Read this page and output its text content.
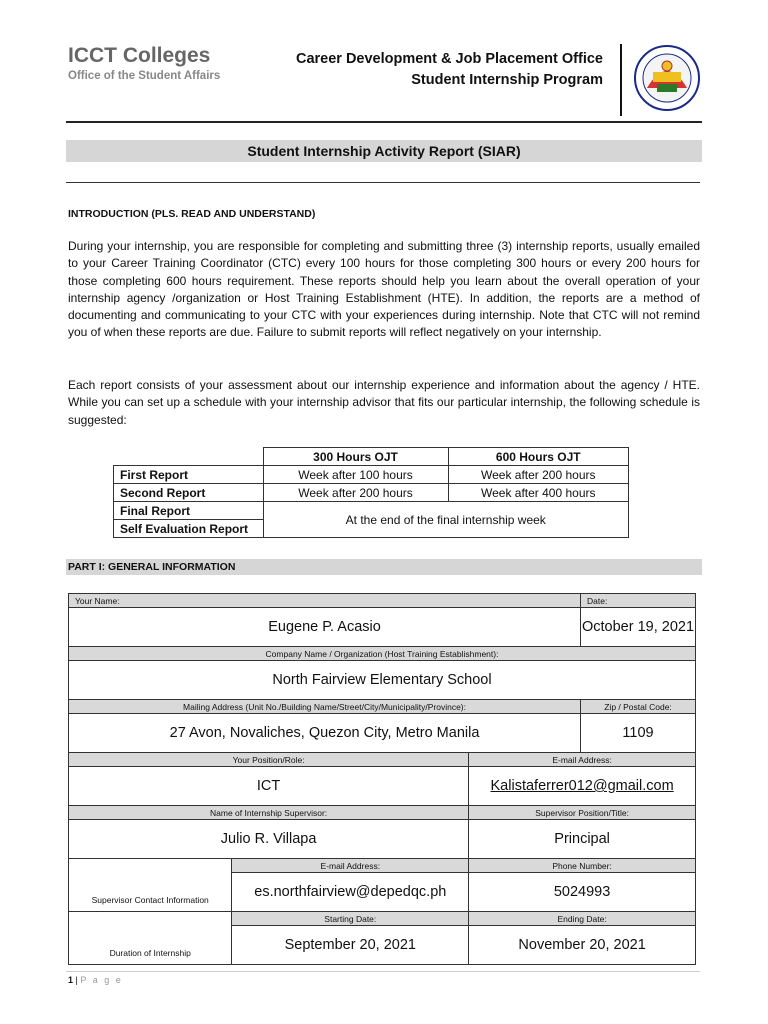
ICCT Colleges
Office of the Student Affairs
Career Development & Job Placement Office
Student Internship Program
Student Internship Activity Report (SIAR)
INTRODUCTION (PLS. READ AND UNDERSTAND)
During your internship, you are responsible for completing and submitting three (3) internship reports, usually emailed to your Career Training Coordinator (CTC) every 100 hours for those completing 300 hours or every 200 hours for those completing 600 hours requirement. These reports should help you learn about the overall operation of your internship agency /organization or Host Training Establishment (HTE). In addition, the reports are a method of documenting and communicating to your CTC with your experiences during internship. Note that CTC will not remind you of when these reports are due. Failure to submit reports will reflect negatively on your internship.
Each report consists of your assessment about our internship experience and information about the agency / HTE. While you can set up a schedule with your internship advisor that fits our particular internship, the following schedule is suggested:
	300 Hours OJT	600 Hours OJT
First Report	Week after 100 hours	Week after 200 hours
Second Report	Week after 200 hours	Week after 400 hours
Final Report	At the end of the final internship week	
Self Evaluation Report		
PART I: GENERAL INFORMATION
Your Name:			Date:
Eugene P. Acasio			October 19, 2021
Company Name / Organization (Host Training Establishment):			
North Fairview Elementary School			
Mailing Address (Unit No./Building Name/Street/City/Municipality/Province):			Zip / Postal Code:
27 Avon, Novaliches, Quezon City, Metro Manila			1109
Your Position/Role:		E-mail Address:	
ICT		Kalistaferrer012@gmail.com	
Name of Internship Supervisor:		Supervisor Position/Title:	
Julio R. Villapa		Principal	
Supervisor Contact Information	E-mail Address:	Phone Number:	
	es.northfairview@depedqc.ph	5024993	
Duration of Internship	Starting Date:	Ending Date:	
	September 20, 2021	November 20, 2021	
1 | P a g e
